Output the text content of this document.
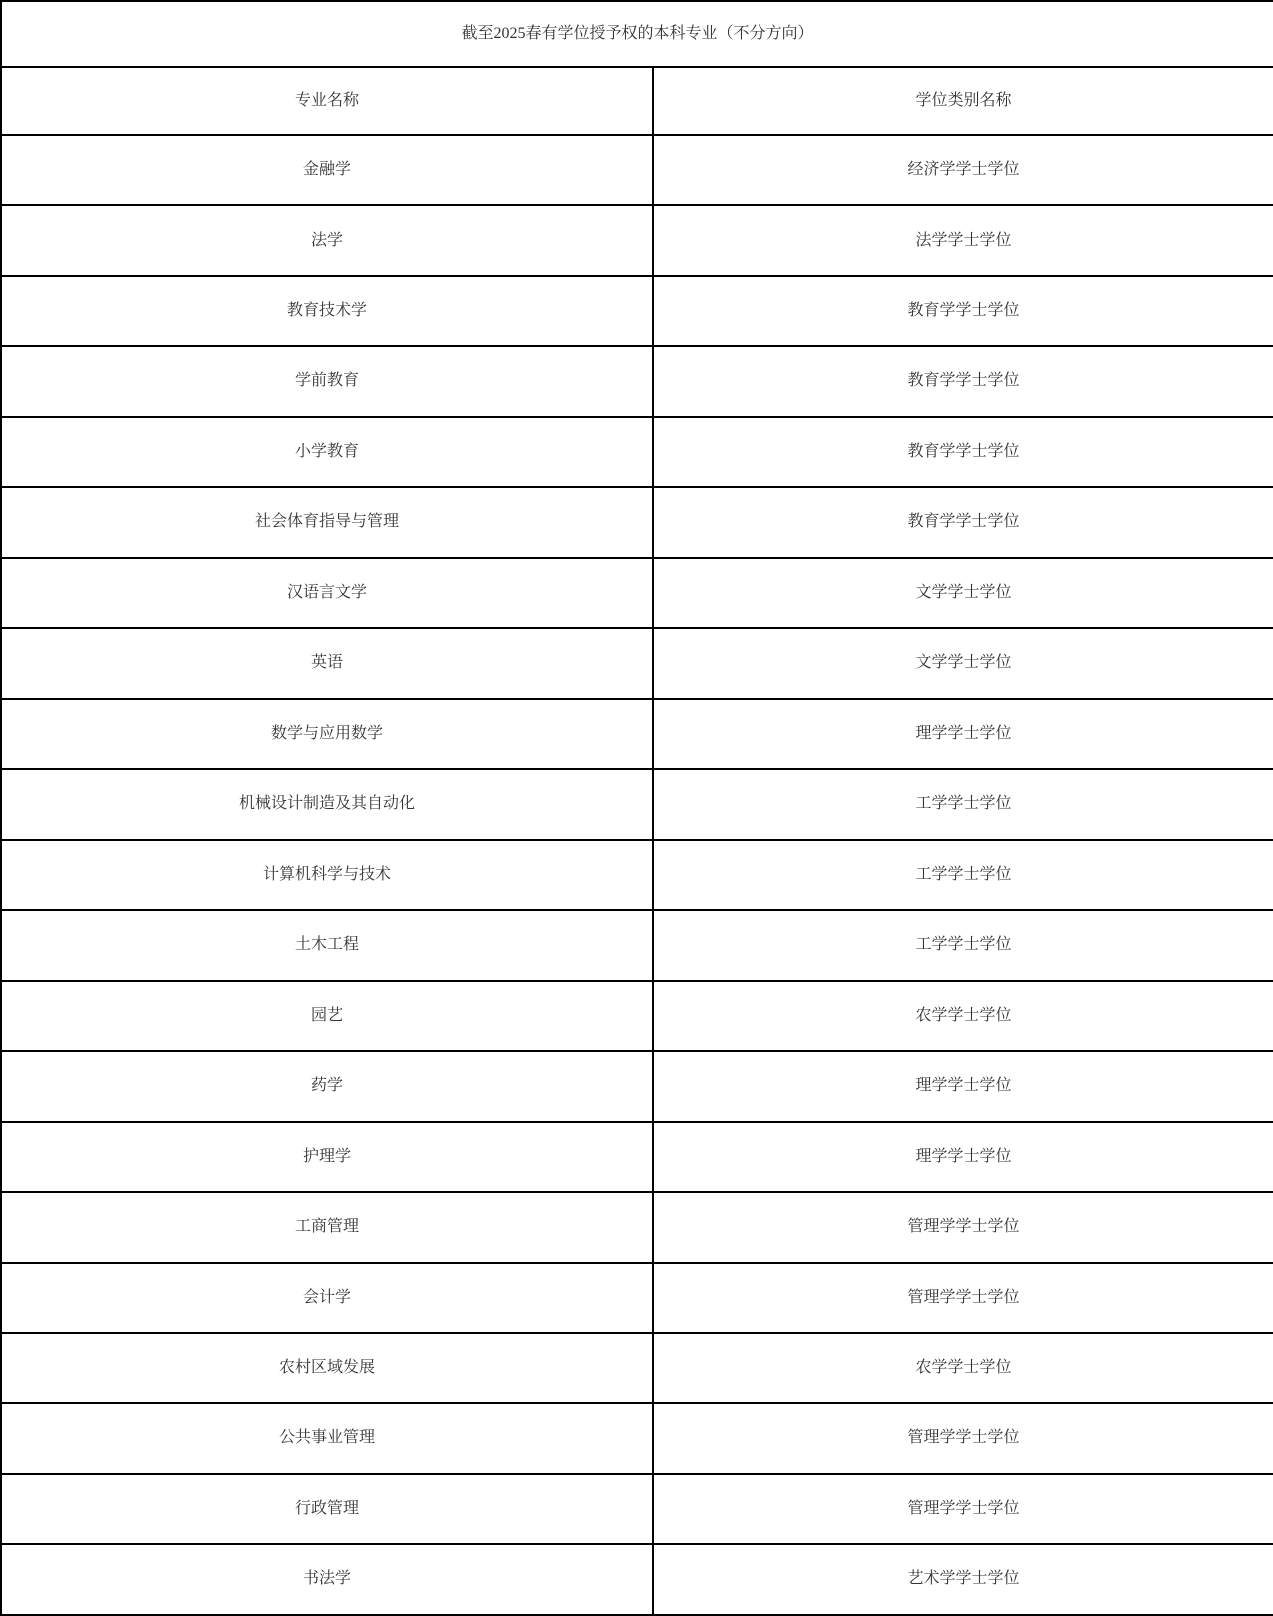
截至2025春有学位授予权的本科专业（不分方向）	
专业名称	学位类别名称
金融学	经济学学士学位
法学	法学学士学位
教育技术学	教育学学士学位
学前教育	教育学学士学位
小学教育	教育学学士学位
社会体育指导与管理	教育学学士学位
汉语言文学	文学学士学位
英语	文学学士学位
数学与应用数学	理学学士学位
机械设计制造及其自动化	工学学士学位
计算机科学与技术	工学学士学位
土木工程	工学学士学位
园艺	农学学士学位
药学	理学学士学位
护理学	理学学士学位
工商管理	管理学学士学位
会计学	管理学学士学位
农村区域发展	农学学士学位
公共事业管理	管理学学士学位
行政管理	管理学学士学位
书法学	艺术学学士学位
